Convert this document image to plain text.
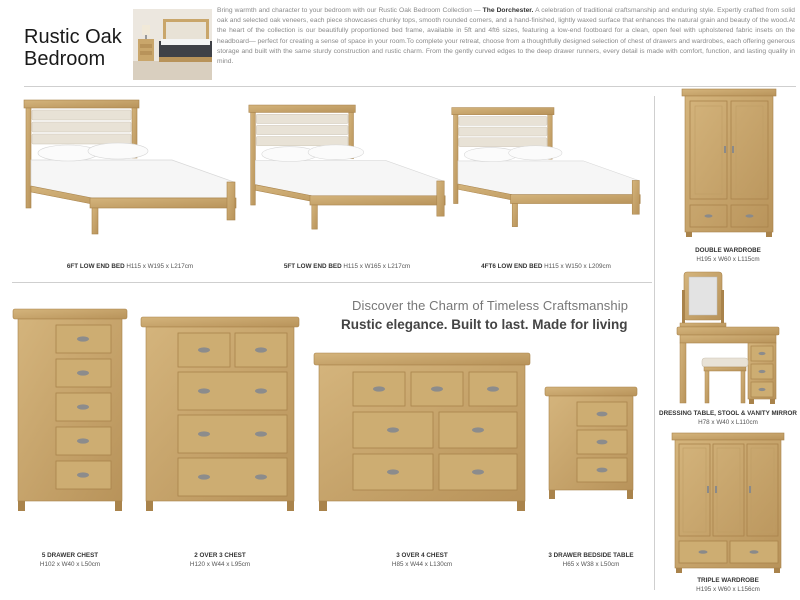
Rustic Oak
Bedroom
Bring warmth and character to your bedroom with our Rustic Oak Bedroom Collection — The Dorchester. A celebration of traditional craftsmanship and enduring style. Expertly crafted from solid oak and selected oak veneers, each piece showcases chunky tops, smooth rounded corners, and a hand-finished, lightly waxed surface that enhances the natural grain and beauty of the wood.At the heart of the collection is our beautifully proportioned bed frame, available in 5ft and 4ft6 sizes, featuring a low-end footboard for a clean, open feel with upholstered fabric insets on the headboard— perfect for creating a sense of space in your room.To complete your retreat, choose from a thoughtfully designed selection of chest of drawers and wardrobes, each offering generous storage and built with the same sturdy construction and rustic charm. From the gently curved edges to the deep drawer runners, every detail is made with comfort, function, and lasting quality in mind.
6FT LOW END BED H115 x W195 x L217cm	5FT LOW END BED H115 x W165 x L217cm	4FT6 LOW END BED H115 x W150 x L209cm
DOUBLE WARDROBE
H195 x W60 x L115cm
Discover the Charm of Timeless Craftsmanship
Rustic elegance. Built to last. Made for living
5 DRAWER CHEST
H102 x W40 x L50cm
2 OVER 3 CHEST
H120 x W44 x L95cm
3 OVER 4 CHEST
H85 x W44 x L130cm
3 DRAWER BEDSIDE TABLE
H65 x W38 x L50cm
DRESSING TABLE, STOOL & VANITY MIRROR
H78 x W40 x L110cm
TRIPLE WARDROBE
H195 x W60 x L156cm
